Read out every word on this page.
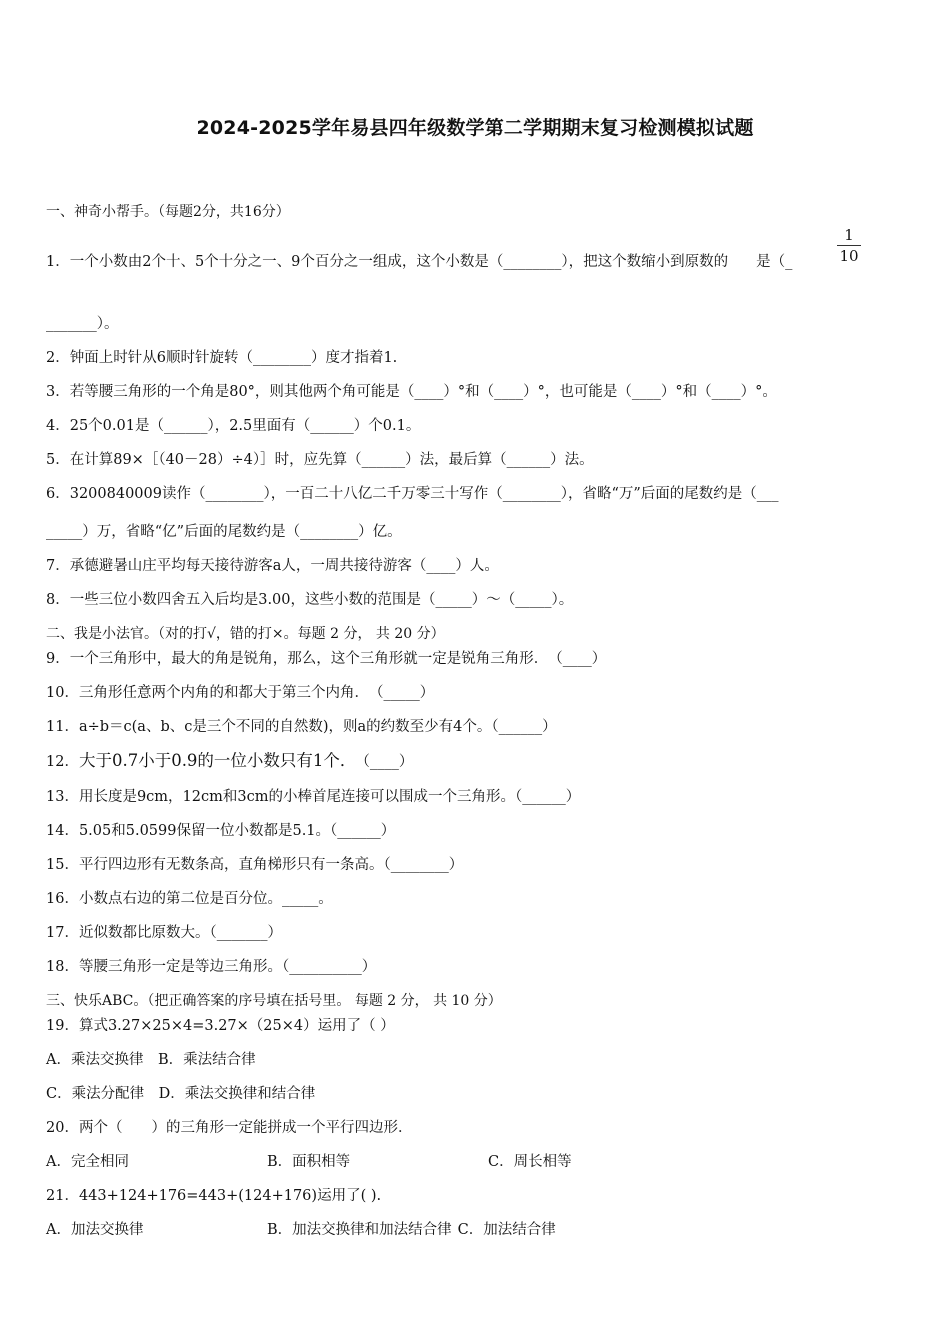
2024-2025学年易县四年级数学第二学期期末复习检测模拟试题
一、神奇小帮手。（每题2分，共16分）
1．一个小数由2个十、5个十分之一、9个百分之一组成，这个小数是（________），把这个数缩小到原数的 是（_	$\frac{1}{10}$
_______）。
2．钟面上时针从6顺时针旋转（________）度才指着1.
3．若等腰三角形的一个角是80°，则其他两个角可能是（____）°和（____）°，也可能是（____）°和（____）°。
4．25个0.01是（______），2.5里面有（______）个0.1。
5．在计算89×［（40－28）÷4）］时，应先算（______）法，最后算（______）法。
6．3200840009读作（________），一百二十八亿二千万零三十写作（________），省略“万”后面的尾数约是（___
_____）万，省略“亿”后面的尾数约是（________）亿。
7．承德避暑山庄平均每天接待游客a人，一周共接待游客（____）人。
8．一些三位小数四舍五入后均是3.00，这些小数的范围是（_____）～（_____）。
二、我是小法官。（对的打√，错的打×。每题 2 分， 共 20 分）
9．一个三角形中，最大的角是锐角，那么，这个三角形就一定是锐角三角形．　（____）
10．三角形任意两个内角的和都大于第三个内角．　（_____）
11．a÷b＝c(a、b、c是三个不同的自然数)，则a的约数至少有4个。（______）
12．大于0.7小于0.9的一位小数只有1个．　（____）
13．用长度是9cm，12cm和3cm的小棒首尾连接可以围成一个三角形。（______）
14．5.05和5.0599保留一位小数都是5.1。（______）
15．平行四边形有无数条高，直角梯形只有一条高。（________）
16．小数点右边的第二位是百分位。_____。
17．近似数都比原数大。（_______）
18．等腰三角形一定是等边三角形。（__________）
三、快乐ABC。（把正确答案的序号填在括号里。 每题 2 分， 共 10 分）
19．算式3.27×25×4=3.27×（25×4）运用了（ ）
A．乘法交换律　B．乘法结合律
C．乘法分配律　D．乘法交换律和结合律
20．两个（　　）的三角形一定能拼成一个平行四边形．
A．完全相同	B．面积相等	C．周长相等
21．443+124+176=443+(124+176)运用了( ).
A．加法交换律	B．加法交换律和加法结合律 C．加法结合律
